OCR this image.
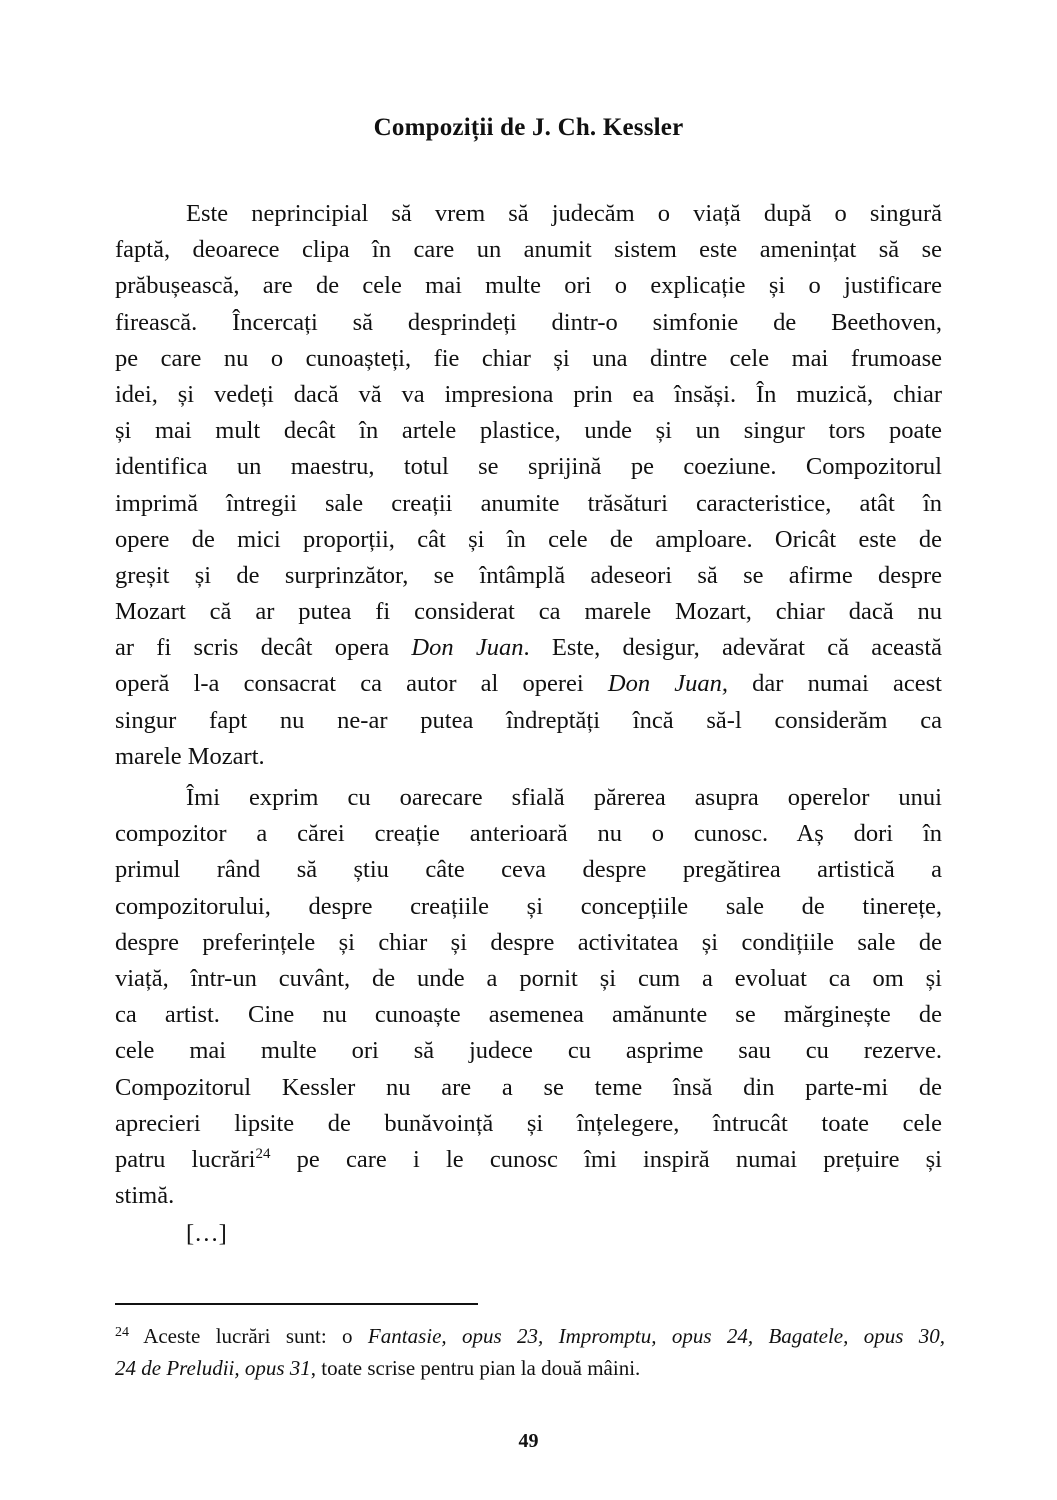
Compoziții de J. Ch. Kessler
Este neprincipial să vrem să judecăm o viață după o singură
faptă, deoarece clipa în care un anumit sistem este amenințat să se
prăbușească, are de cele mai multe ori o explicație și o justificare
firească. Încercați să desprindeți dintr-o simfonie de Beethoven,
pe care nu o cunoașteți, fie chiar și una dintre cele mai frumoase
idei, și vedeți dacă vă va impresiona prin ea însăși. În muzică, chiar
și mai mult decât în artele plastice, unde și un singur tors poate
identifica un maestru, totul se sprijină pe coeziune. Compozitorul
imprimă întregii sale creații anumite trăsături caracteristice, atât în
opere de mici proporții, cât și în cele de amploare. Oricât este de
greșit și de surprinzător, se întâmplă adeseori să se afirme despre
Mozart că ar putea fi considerat ca marele Mozart, chiar dacă nu
ar fi scris decât opera Don Juan. Este, desigur, adevărat că această
operă l-a consacrat ca autor al operei Don Juan, dar numai acest
singur fapt nu ne-ar putea îndreptăți încă să-l considerăm ca
marele Mozart.
Îmi exprim cu oarecare sfială părerea asupra operelor unui
compozitor a cărei creație anterioară nu o cunosc. Aș dori în
primul rând să știu câte ceva despre pregătirea artistică a
compozitorului, despre creațiile și concepțiile sale de tinerețe,
despre preferințele și chiar și despre activitatea și condițiile sale de
viață, într-un cuvânt, de unde a pornit și cum a evoluat ca om și
ca artist. Cine nu cunoaște asemenea amănunte se mărginește de
cele mai multe ori să judece cu asprime sau cu rezerve.
Compozitorul Kessler nu are a se teme însă din parte-mi de
aprecieri lipsite de bunăvoință și înțelegere, întrucât toate cele
patru lucrări$^{24}$ pe care i le cunosc îmi inspiră numai prețuire și
stimă.
[…]
$^{24}$ Aceste lucrări sunt: o Fantasie, opus 23, Impromptu, opus 24, Bagatele, opus 30,
24 de Preludii, opus 31, toate scrise pentru pian la două mâini.
49
